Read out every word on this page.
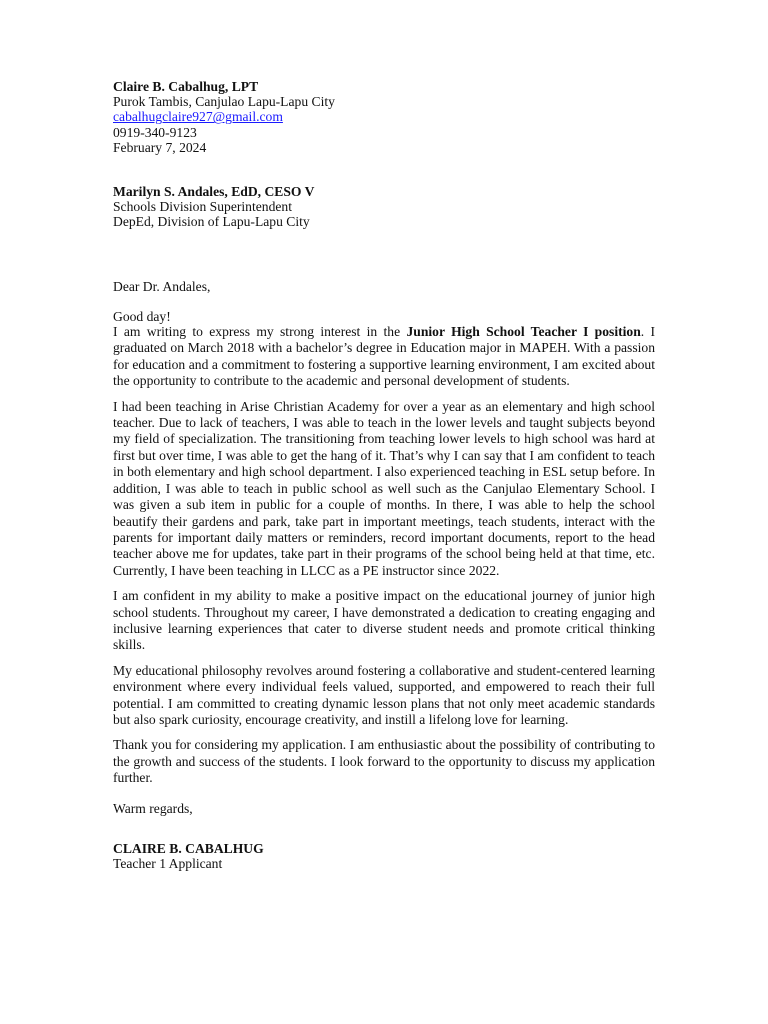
Claire B. Cabalhug, LPT
Purok Tambis, Canjulao Lapu-Lapu City
cabalhugclaire927@gmail.com
0919-340-9123
February 7, 2024
Marilyn S. Andales, EdD, CESO V
Schools Division Superintendent
DepEd, Division of Lapu-Lapu City
Dear Dr. Andales,
Good day!

I am writing to express my strong interest in the Junior High School Teacher I position. I graduated on March 2018 with a bachelor’s degree in Education major in MAPEH. With a passion for education and a commitment to fostering a supportive learning environment, I am excited about the opportunity to contribute to the academic and personal development of students.

I had been teaching in Arise Christian Academy for over a year as an elementary and high school teacher. Due to lack of teachers, I was able to teach in the lower levels and taught subjects beyond my field of specialization. The transitioning from teaching lower levels to high school was hard at first but over time, I was able to get the hang of it. That’s why I can say that I am confident to teach in both elementary and high school department. I also experienced teaching in ESL setup before. In addition, I was able to teach in public school as well such as the Canjulao Elementary School. I was given a sub item in public for a couple of months. In there, I was able to help the school beautify their gardens and park, take part in important meetings, teach students, interact with the parents for important daily matters or reminders, record important documents, report to the head teacher above me for updates, take part in their programs of the school being held at that time, etc. Currently, I have been teaching in LLCC as a PE instructor since 2022.

I am confident in my ability to make a positive impact on the educational journey of junior high school students. Throughout my career, I have demonstrated a dedication to creating engaging and inclusive learning experiences that cater to diverse student needs and promote critical thinking skills.

My educational philosophy revolves around fostering a collaborative and student-centered learning environment where every individual feels valued, supported, and empowered to reach their full potential. I am committed to creating dynamic lesson plans that not only meet academic standards but also spark curiosity, encourage creativity, and instill a lifelong love for learning.

Thank you for considering my application. I am enthusiastic about the possibility of contributing to the growth and success of the students. I look forward to the opportunity to discuss my application further.

Warm regards,
CLAIRE B. CABALHUG
Teacher 1 Applicant
